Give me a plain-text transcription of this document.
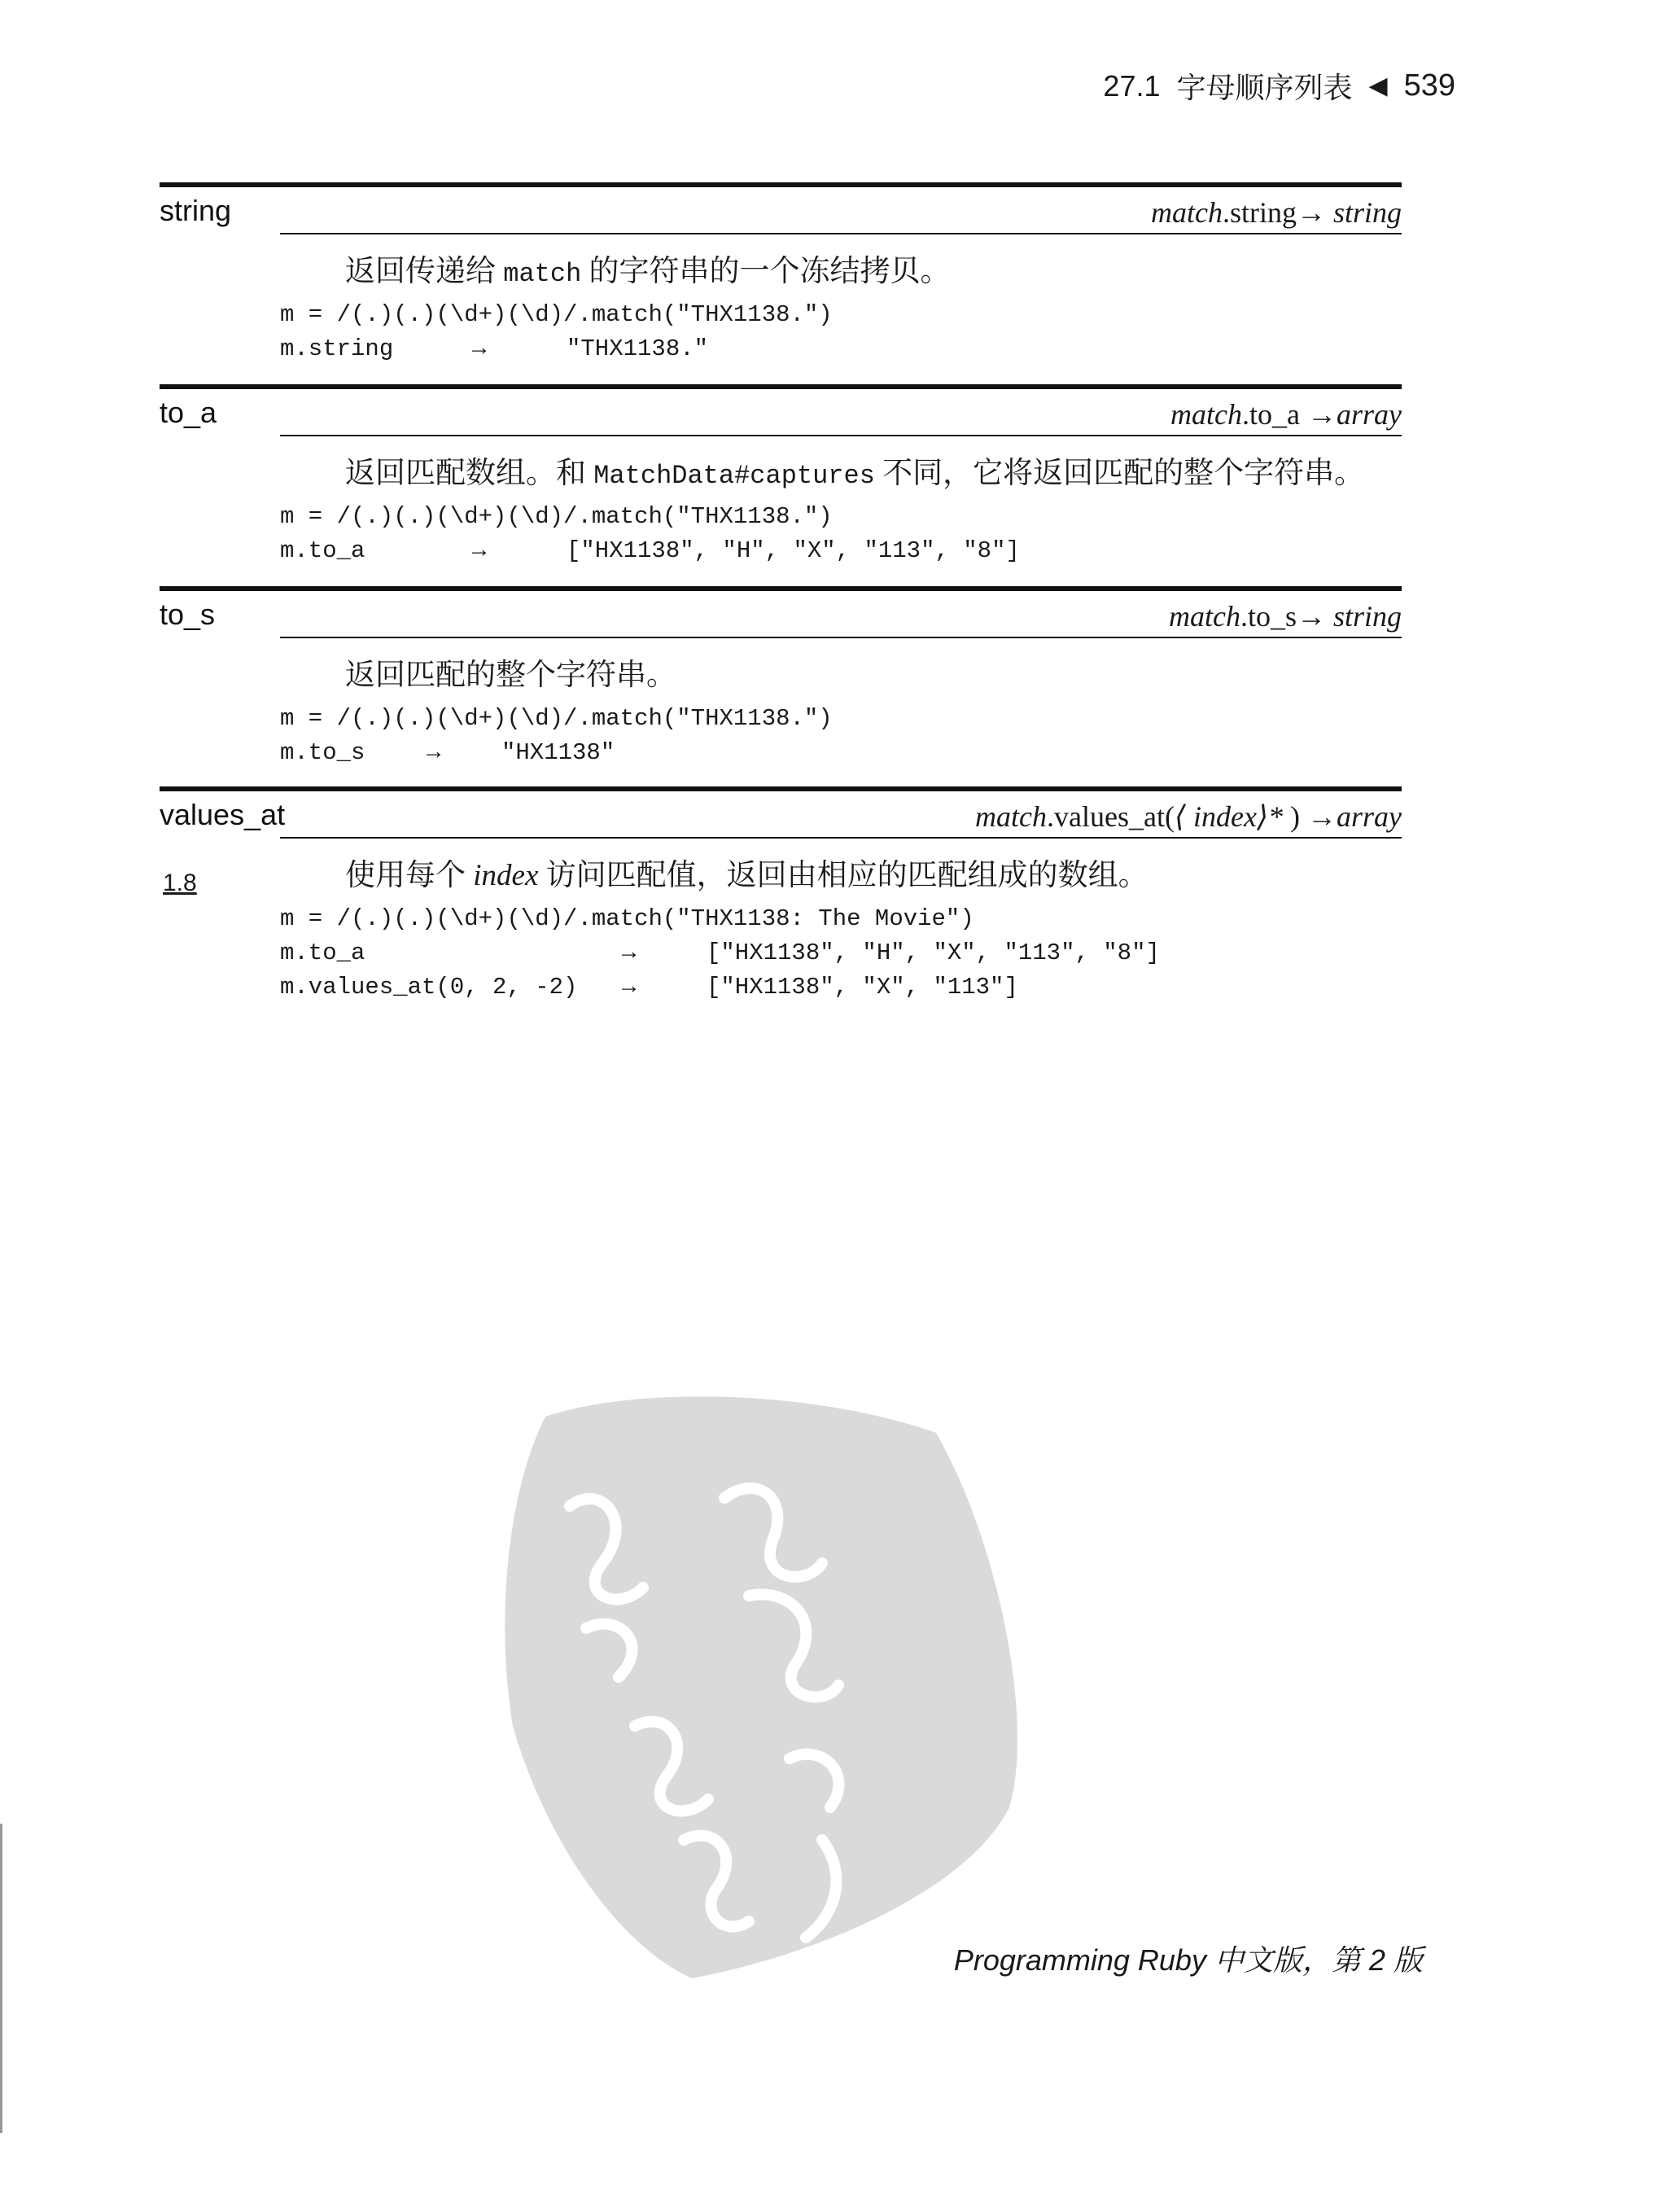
27.1 字母顺序列表 ◀ 539
string	match.string→ string
返回传递给 match 的字符串的一个冻结拷贝。
m = /(.)(.)(\d+)(\d)/.match("THX1138.")
m.string	→	"THX1138."
to_a	match.to_a →array
返回匹配数组。和 MatchData#captures 不同，它将返回匹配的整个字符串。
m = /(.)(.)(\d+)(\d)/.match("THX1138.")
m.to_a	→	["HX1138", "H", "X", "113", "8"]
to_s	match.to_s→ string
返回匹配的整个字符串。
m = /(.)(.)(\d+)(\d)/.match("THX1138.")
m.to_s	→	"HX1138"
values_at	match.values_at(⟨ index⟩* ) →array
使用每个 index 访问匹配值，返回由相应的匹配组成的数组。
m = /(.)(.)(\d+)(\d)/.match("THX1138: The Movie")
m.to_a	→	["HX1138", "H", "X", "113", "8"]
m.values_at(0, 2, -2) →	["HX1138", "X", "113"]
1.8
Programming Ruby 中文版，第 2 版
